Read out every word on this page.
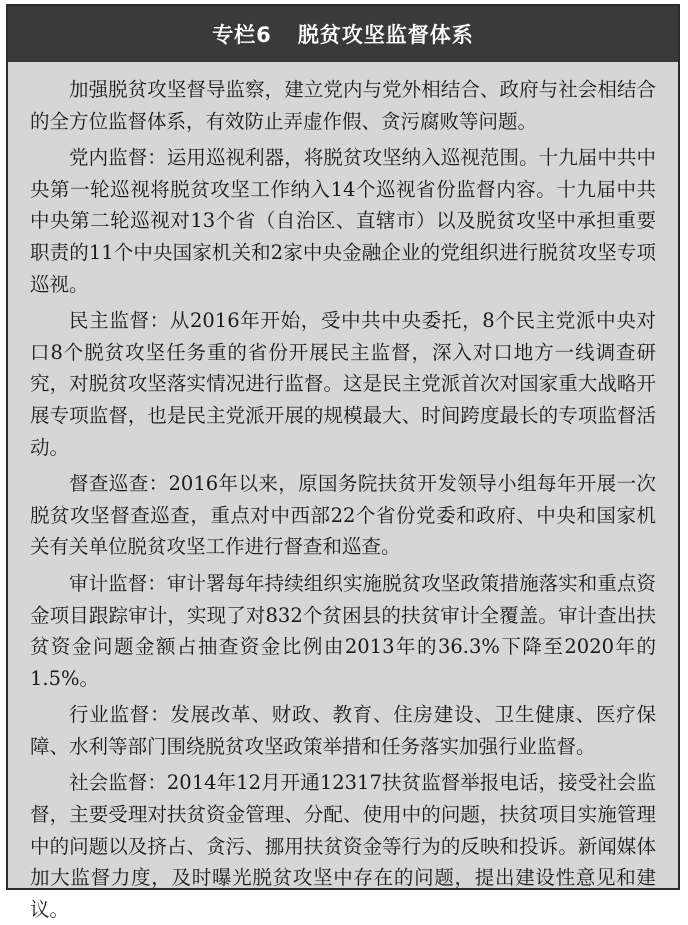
专栏6 脱贫攻坚监督体系

加强脱贫攻坚督导监察，建立党内与党外相结合、政府与社会相结合的全方位监督体系，有效防止弄虚作假、贪污腐败等问题。

党内监督：运用巡视利器，将脱贫攻坚纳入巡视范围。十九届中共中央第一轮巡视将脱贫攻坚工作纳入14个巡视省份监督内容。十九届中共中央第二轮巡视对13个省（自治区、直辖市）以及脱贫攻坚中承担重要职责的11个中央国家机关和2家中央金融企业的党组织进行脱贫攻坚专项巡视。

民主监督：从2016年开始，受中共中央委托，8个民主党派中央对口8个脱贫攻坚任务重的省份开展民主监督，深入对口地方一线调查研究，对脱贫攻坚落实情况进行监督。这是民主党派首次对国家重大战略开展专项监督，也是民主党派开展的规模最大、时间跨度最长的专项监督活动。

督查巡查：2016年以来，原国务院扶贫开发领导小组每年开展一次脱贫攻坚督查巡查，重点对中西部22个省份党委和政府、中央和国家机关有关单位脱贫攻坚工作进行督查和巡查。

审计监督：审计署每年持续组织实施脱贫攻坚政策措施落实和重点资金项目跟踪审计，实现了对832个贫困县的扶贫审计全覆盖。审计查出扶贫资金问题金额占抽查资金比例由2013年的36.3%下降至2020年的1.5%。

行业监督：发展改革、财政、教育、住房建设、卫生健康、医疗保障、水利等部门围绕脱贫攻坚政策举措和任务落实加强行业监督。

社会监督：2014年12月开通12317扶贫监督举报电话，接受社会监督，主要受理对扶贫资金管理、分配、使用中的问题，扶贫项目实施管理中的问题以及挤占、贪污、挪用扶贫资金等行为的反映和投诉。新闻媒体加大监督力度，及时曝光脱贫攻坚中存在的问题，提出建设性意见和建议。
